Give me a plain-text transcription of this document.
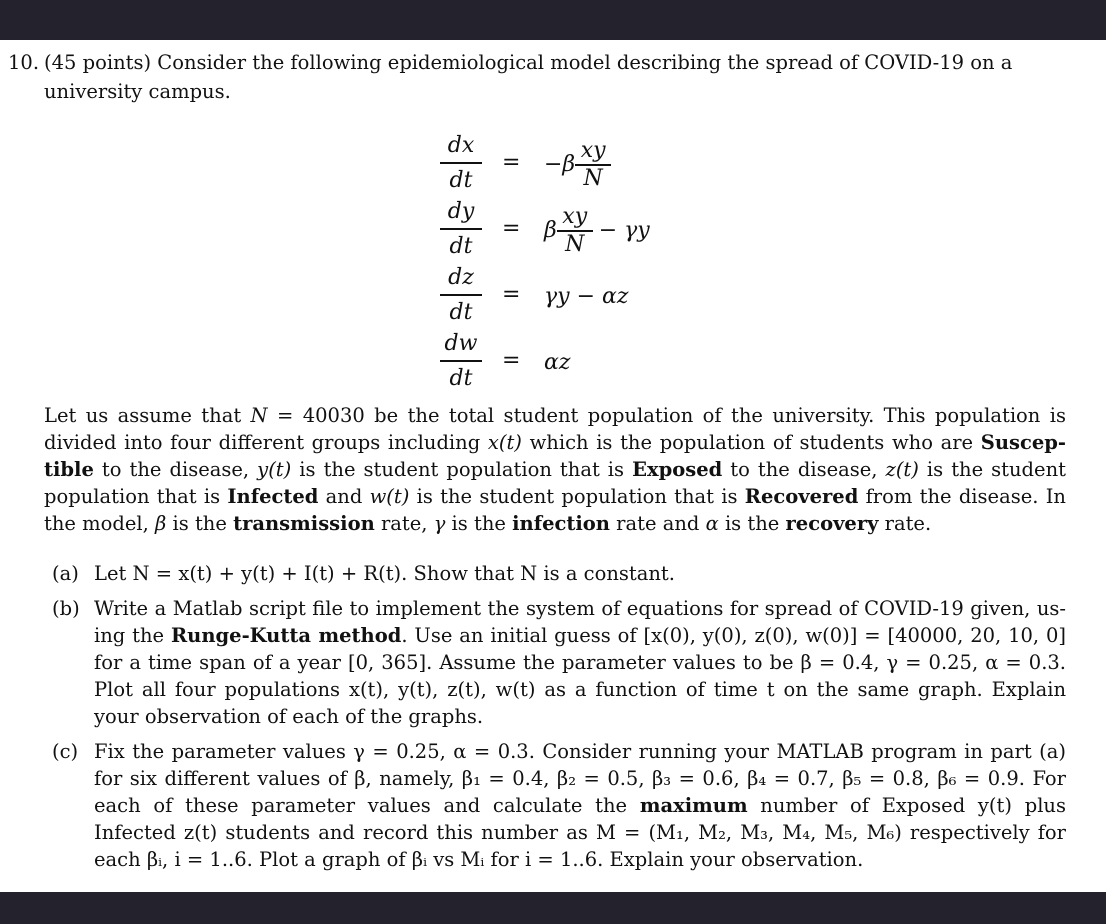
10. (45 points) Consider the following epidemiological model describing the spread of COVID-19 on a
university campus.
dx
dt
= $-\beta \frac{xy}{N}$
dy
dt
= β $\frac{xy}{N} - \gamma y$
dz
dt
= γy − αz
dw
dt
= αz
Let us assume that N = 40030 be the total student population of the university. This population is divided into four different groups including x(t) which is the population of students who are Suscep-tible to the disease, y(t) is the student population that is Exposed to the disease, z(t) is the student population that is Infected and w(t) is the student population that is Recovered from the disease. In the model, β is the transmission rate, γ is the infection rate and α is the recovery rate.
(a) Let N = x(t) + y(t) + I(t) + R(t). Show that N is a constant.
(b) Write a Matlab script file to implement the system of equations for spread of COVID-19 given, us-ing the Runge-Kutta method. Use an initial guess of [x(0), y(0), z(0), w(0)] = [40000, 20, 10, 0] for a time span of a year [0, 365]. Assume the parameter values to be β = 0.4, γ = 0.25, α = 0.3. Plot all four populations x(t), y(t), z(t), w(t) as a function of time t on the same graph. Explain your observation of each of the graphs.
(c) Fix the parameter values γ = 0.25, α = 0.3. Consider running your MATLAB program in part (a) for six different values of β, namely, β₁ = 0.4, β₂ = 0.5, β₃ = 0.6, β₄ = 0.7, β₅ = 0.8, β₆ = 0.9. For each of these parameter values and calculate the maximum number of Exposed y(t) plus Infected z(t) students and record this number as M = (M₁, M₂, M₃, M₄, M₅, M₆) respectively for each βᵢ, i = 1..6. Plot a graph of βᵢ vs Mᵢ for i = 1..6. Explain your observation.
